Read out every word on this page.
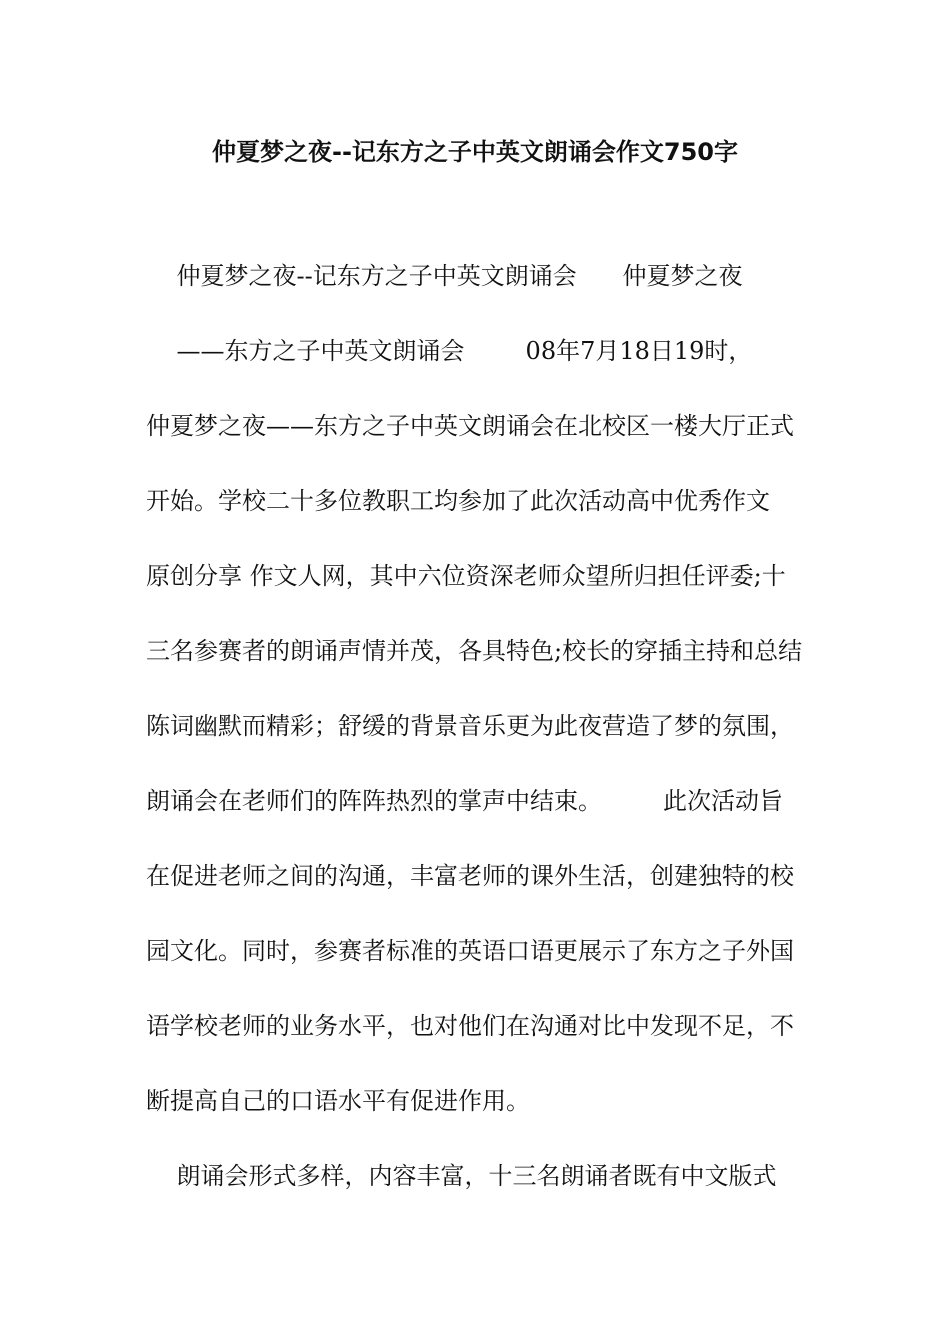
仲夏梦之夜--记东方之子中英文朗诵会作文750字
仲夏梦之夜--记东方之子中英文朗诵会      仲夏梦之夜
——东方之子中英文朗诵会        08年7月18日19时，
仲夏梦之夜——东方之子中英文朗诵会在北校区一楼大厅正式
开始。学校二十多位教职工均参加了此次活动高中优秀作文
原创分享 作文人网，其中六位资深老师众望所归担任评委;十
三名参赛者的朗诵声情并茂，各具特色;校长的穿插主持和总结
陈词幽默而精彩；舒缓的背景音乐更为此夜营造了梦的氛围，
朗诵会在老师们的阵阵热烈的掌声中结束。        此次活动旨
在促进老师之间的沟通，丰富老师的课外生活，创建独特的校
园文化。同时，参赛者标准的英语口语更展示了东方之子外国
语学校老师的业务水平，也对他们在沟通对比中发现不足，不
断提高自己的口语水平有促进作用。
朗诵会形式多样，内容丰富，十三名朗诵者既有中文版式
